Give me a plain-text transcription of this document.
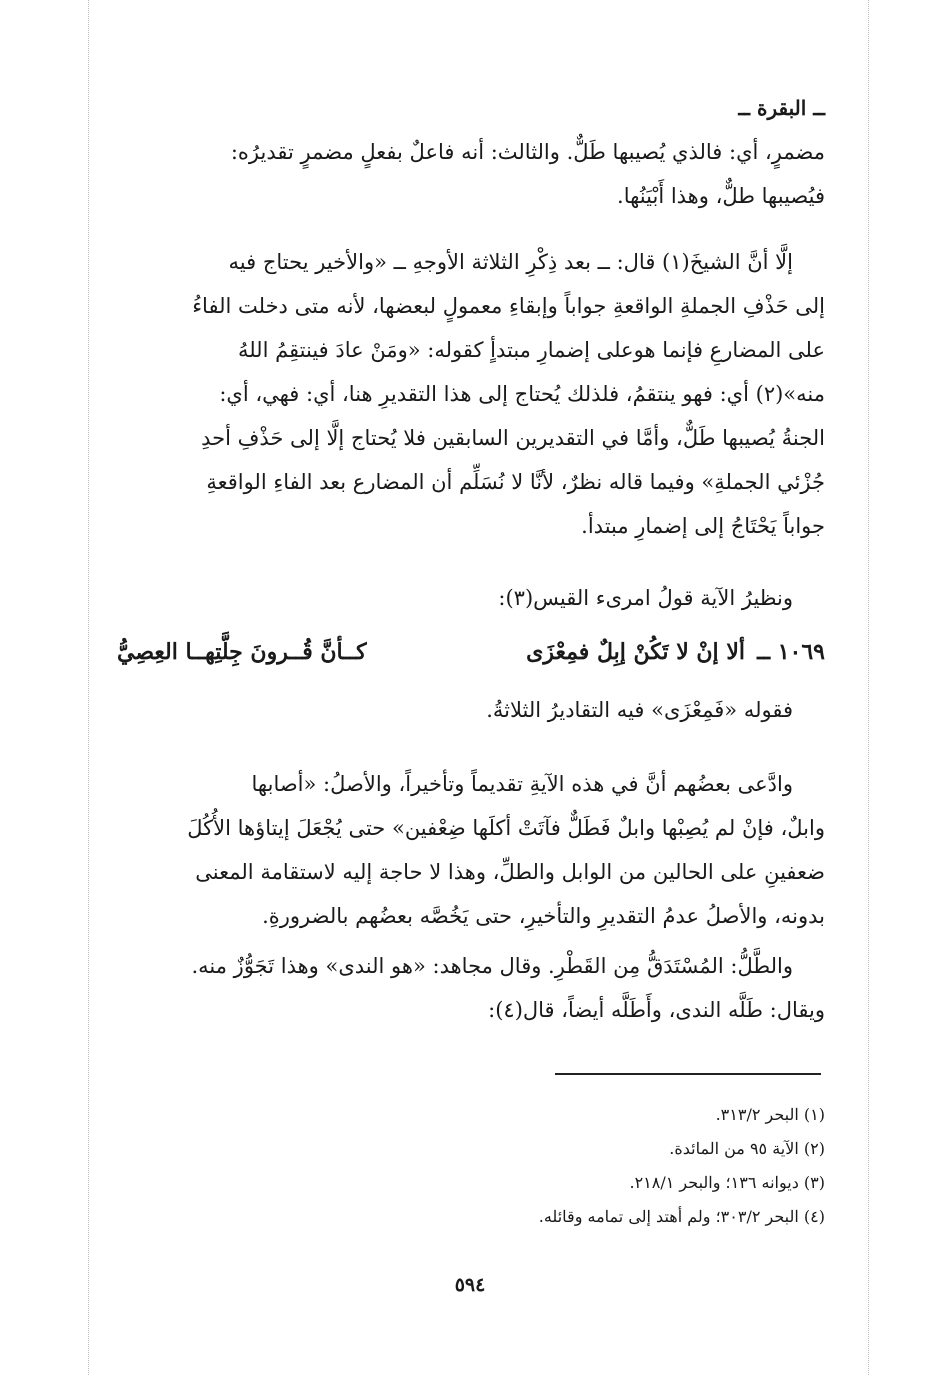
ــ البقرة ــ
مضمرٍ، أي: فالذي يُصيبها طَلٌّ. والثالث: أنه فاعلٌ بفعلٍ مضمرٍ تقديرُه:
فيُصيبها طلٌّ، وهذا أَبْيَنُها.
إلَّا أنَّ الشيخَ(١) قال: ــ بعد ذِكْرِ الثلاثة الأوجهِ ــ «والأخير يحتاج فيه
إلى حَذْفِ الجملةِ الواقعةِ جواباً وإبقاءِ معمولٍ لبعضها، لأنه متى دخلت الفاءُ
على المضارعِ فإنما هوعلى إضمارِ مبتدأٍ كقوله: «ومَنْ عادَ فينتقِمُ اللهُ
منه»(٢) أي: فهو ينتقمُ، فلذلك يُحتاج إلى هذا التقديرِ هنا، أي: فهي، أي:
الجنةُ يُصيبها طَلٌّ، وأمَّا في التقديرين السابقين فلا يُحتاج إلَّا إلى حَذْفِ أحدِ
جُزْئي الجملةِ» وفيما قاله نظرٌ، لأنَّا لا نُسَلِّم أن المضارع بعد الفاءِ الواقعةِ
جواباً يَحْتَاجُ إلى إضمارِ مبتدأ.
ونظيرُ الآية قولُ امرىء القيس(٣):
١٠٦٩ ــ
ألا إنْ لا تَكُنْ إبِلٌ فمِعْزَى
كــأنَّ قُــرونَ جِلَّتِهــا العِصِيُّ
فقوله «فَمِعْزَى» فيه التقاديرُ الثلاثةُ.
وادَّعى بعضُهم أنَّ في هذه الآيةِ تقديماً وتأخيراً، والأصلُ: «أصابها
وابلٌ، فإنْ لم يُصِبْها وابلٌ فَطَلٌّ فآتَتْ أكلَها ضِعْفين» حتى يُجْعَلَ إيتاؤها الأُكُلَ
ضعفينِ على الحالين من الوابل والطلِّ، وهذا لا حاجة إليه لاستقامة المعنى
بدونه، والأصلُ عدمُ التقديرِ والتأخيرِ، حتى يَخُصَّه بعضُهم بالضرورةِ.
والطَّلُّ: المُسْتَدَقُّ مِن القَطْرِ. وقال مجاهد: «هو الندى» وهذا تَجَوُّزٌ منه.
ويقال: طَلَّه الندى، وأَطَلَّه أيضاً، قال(٤):
(١) البحر ٣١٣/٢.
(٢) الآية ٩٥ من المائدة.
(٣) ديوانه ١٣٦؛ والبحر ٢١٨/١.
(٤) البحر ٣٠٣/٢؛ ولم أهتد إلى تمامه وقائله.
٥٩٤
